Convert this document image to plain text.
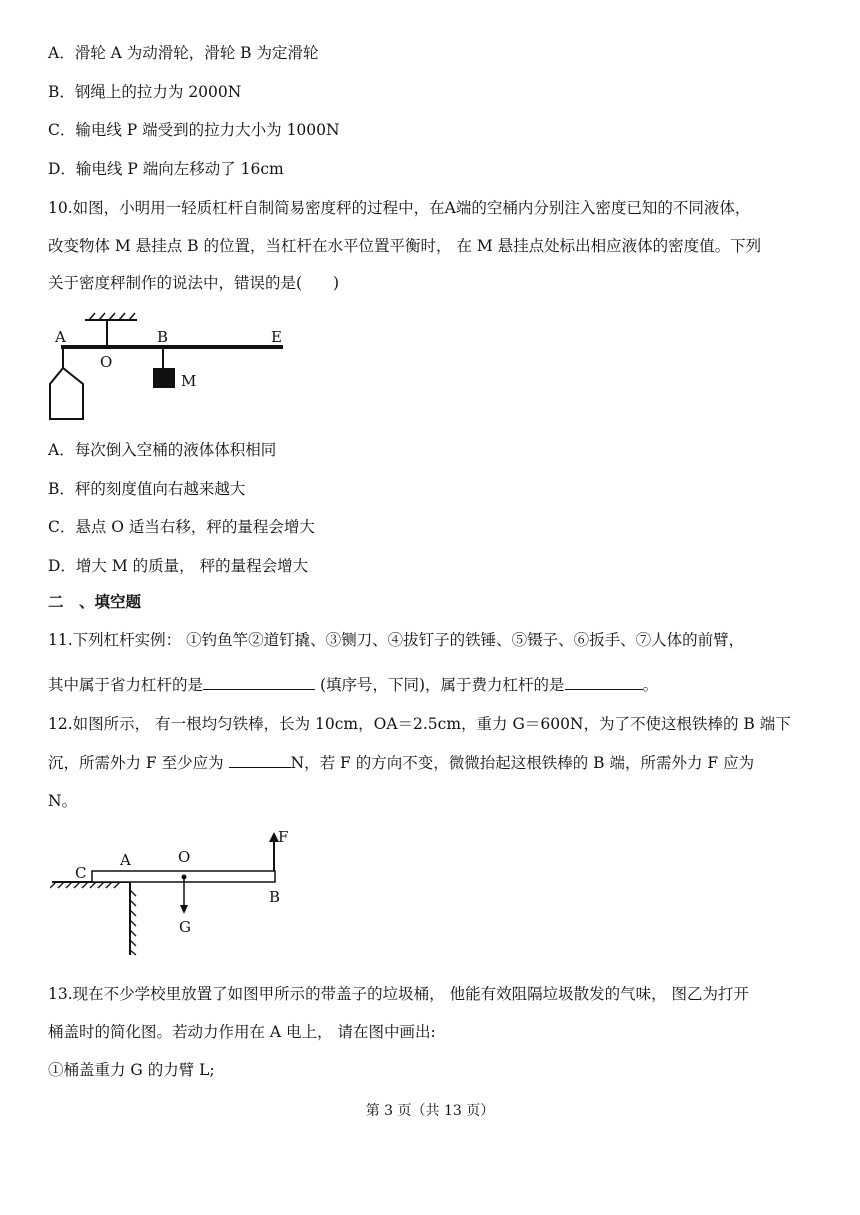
A．滑轮 A 为动滑轮，滑轮 B 为定滑轮
B．钢绳上的拉力为 2000N
C．输电线 P 端受到的拉力大小为 1000N
D．输电线 P 端向左移动了 16cm
10.如图，小明用一轻质杠杆自制简易密度秤的过程中，在A端的空桶内分别注入密度已知的不同液体，
改变物体 M 悬挂点 B 的位置，当杠杆在水平位置平衡时， 在 M 悬挂点处标出相应液体的密度值。下列
关于密度秤制作的说法中，错误的是(　　)
A
O
B	E
M
A．每次倒入空桶的液体体积相同
B．秤的刻度值向右越来越大
C．悬点 O 适当右移，秤的量程会增大
D．增大 M 的质量， 秤的量程会增大
二　、填空题
11.下列杠杆实例： ①钓鱼竿②道钉撬、③铡刀、④拔钉子的铁锤、⑤镊子、⑥扳手、⑦人体的前臂，
其中属于省力杠杆的是	(填序号，下同)，属于费力杠杆的是	。
12.如图所示， 有一根均匀铁棒，长为 10cm，OA＝2.5cm，重力 G＝600N，为了不使这根铁棒的 B 端下
沉，所需外力 F 至少应为	N，若 F 的方向不变，微微抬起这根铁棒的 B 端，所需外力 F 应为
N。
C
A	O
F
B
G
13.现在不少学校里放置了如图甲所示的带盖子的垃圾桶， 他能有效阻隔垃圾散发的气味， 图乙为打开
桶盖时的简化图。若动力作用在 A 电上， 请在图中画出:
①桶盖重力 G 的力臂 L;
第 3 页（共 13 页）
